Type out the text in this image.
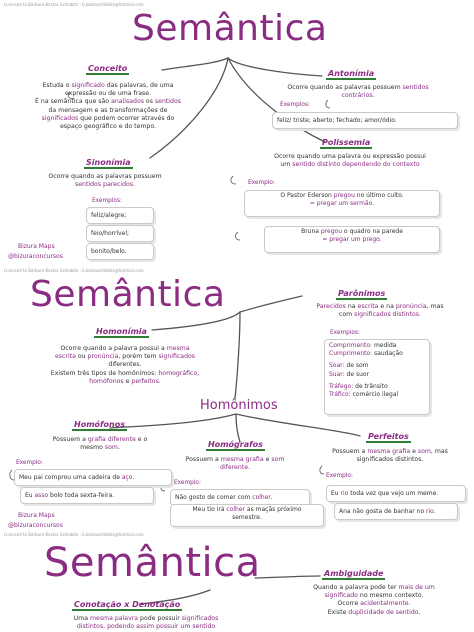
Licensed to Bárbara Bastos Schlabitz - b.bastoschlabitz@hotmail.com
Licensed to Bárbara Bastos Schlabitz - b.bastoschlabitz@hotmail.com
Licensed to Bárbara Bastos Schlabitz - b.bastoschlabitz@hotmail.com
Semântica
Conceito
Estuda o significado das palavras, de uma
expressão ou de uma frase.
É na semântica que são analisados os sentidos
da mensagem e as transformações de
significados que podem ocorrer através do
espaço geográfico e do tempo.
Antonímia
Ocorre quando as palavras possuem sentidos
contrários.
Exemplos:
feliz/ triste; aberto; fechado; amor/ódio.
Sinonímia
Ocorre quando as palavras possuem
sentidos parecidos.
Exemplos:
feliz/alegre;
feio/horrível;
bonito/belo.
Bizura Maps
@bizuraconcursos
Polissemia
Ocorre quando uma palavra ou expressão possui
um sentido distinto dependendo do contexto
Exemplo:
O Pastor Ederson pregou no último culto.
= pregar um sermão.
Bruna pregou o quadro na parede
= pregar um prego.
Semântica	Parônimos
Parecidos na escrita e na pronúncia, mas
com significados distintos.
Exemplos:
Comprimento: medida
Cumprimento: saudação

Soar: de som
Suar: de suor

Tráfego: de trânsito
Tráfico: comércio ilegal
Homonímia
Ocorre quando a palavra possui a mesma
escrita ou pronúncia, porém tem significados
diferentes.
Existem três tipos de homônimos: homográfico,
homófonos e perfeitos.
Homônimos
Homófonos
Possuem a grafia diferente e o
mesmo som.
Exemplo:
Meu pai comprou uma cadeira de aço.
Eu asso bolo toda sexta-feira.
Bizura Maps
@bizuraconcursos
Homógrafos
Possuem a mesma grafia e som
diferente.
Exemplo:
Não gosto de comer com colher.
Meu tio irá colher as maçãs próximo
semestre.
Perfeitos
Possuem a mesma grafia e som, mas
significados distintos.
Exemplo:
Eu rio toda vez que vejo um meme.
Ana não gosta de banhar no rio.
Semântica	Ambiguidade
Quando a palavra pode ter mais de um
significado no mesmo contexto.
Ocorre acidentalmente.
Existe duplicidade de sentido.
Conotação x Denotação
Uma mesma palavra pode possuir significados
distintos, podendo assim possuir um sentido
